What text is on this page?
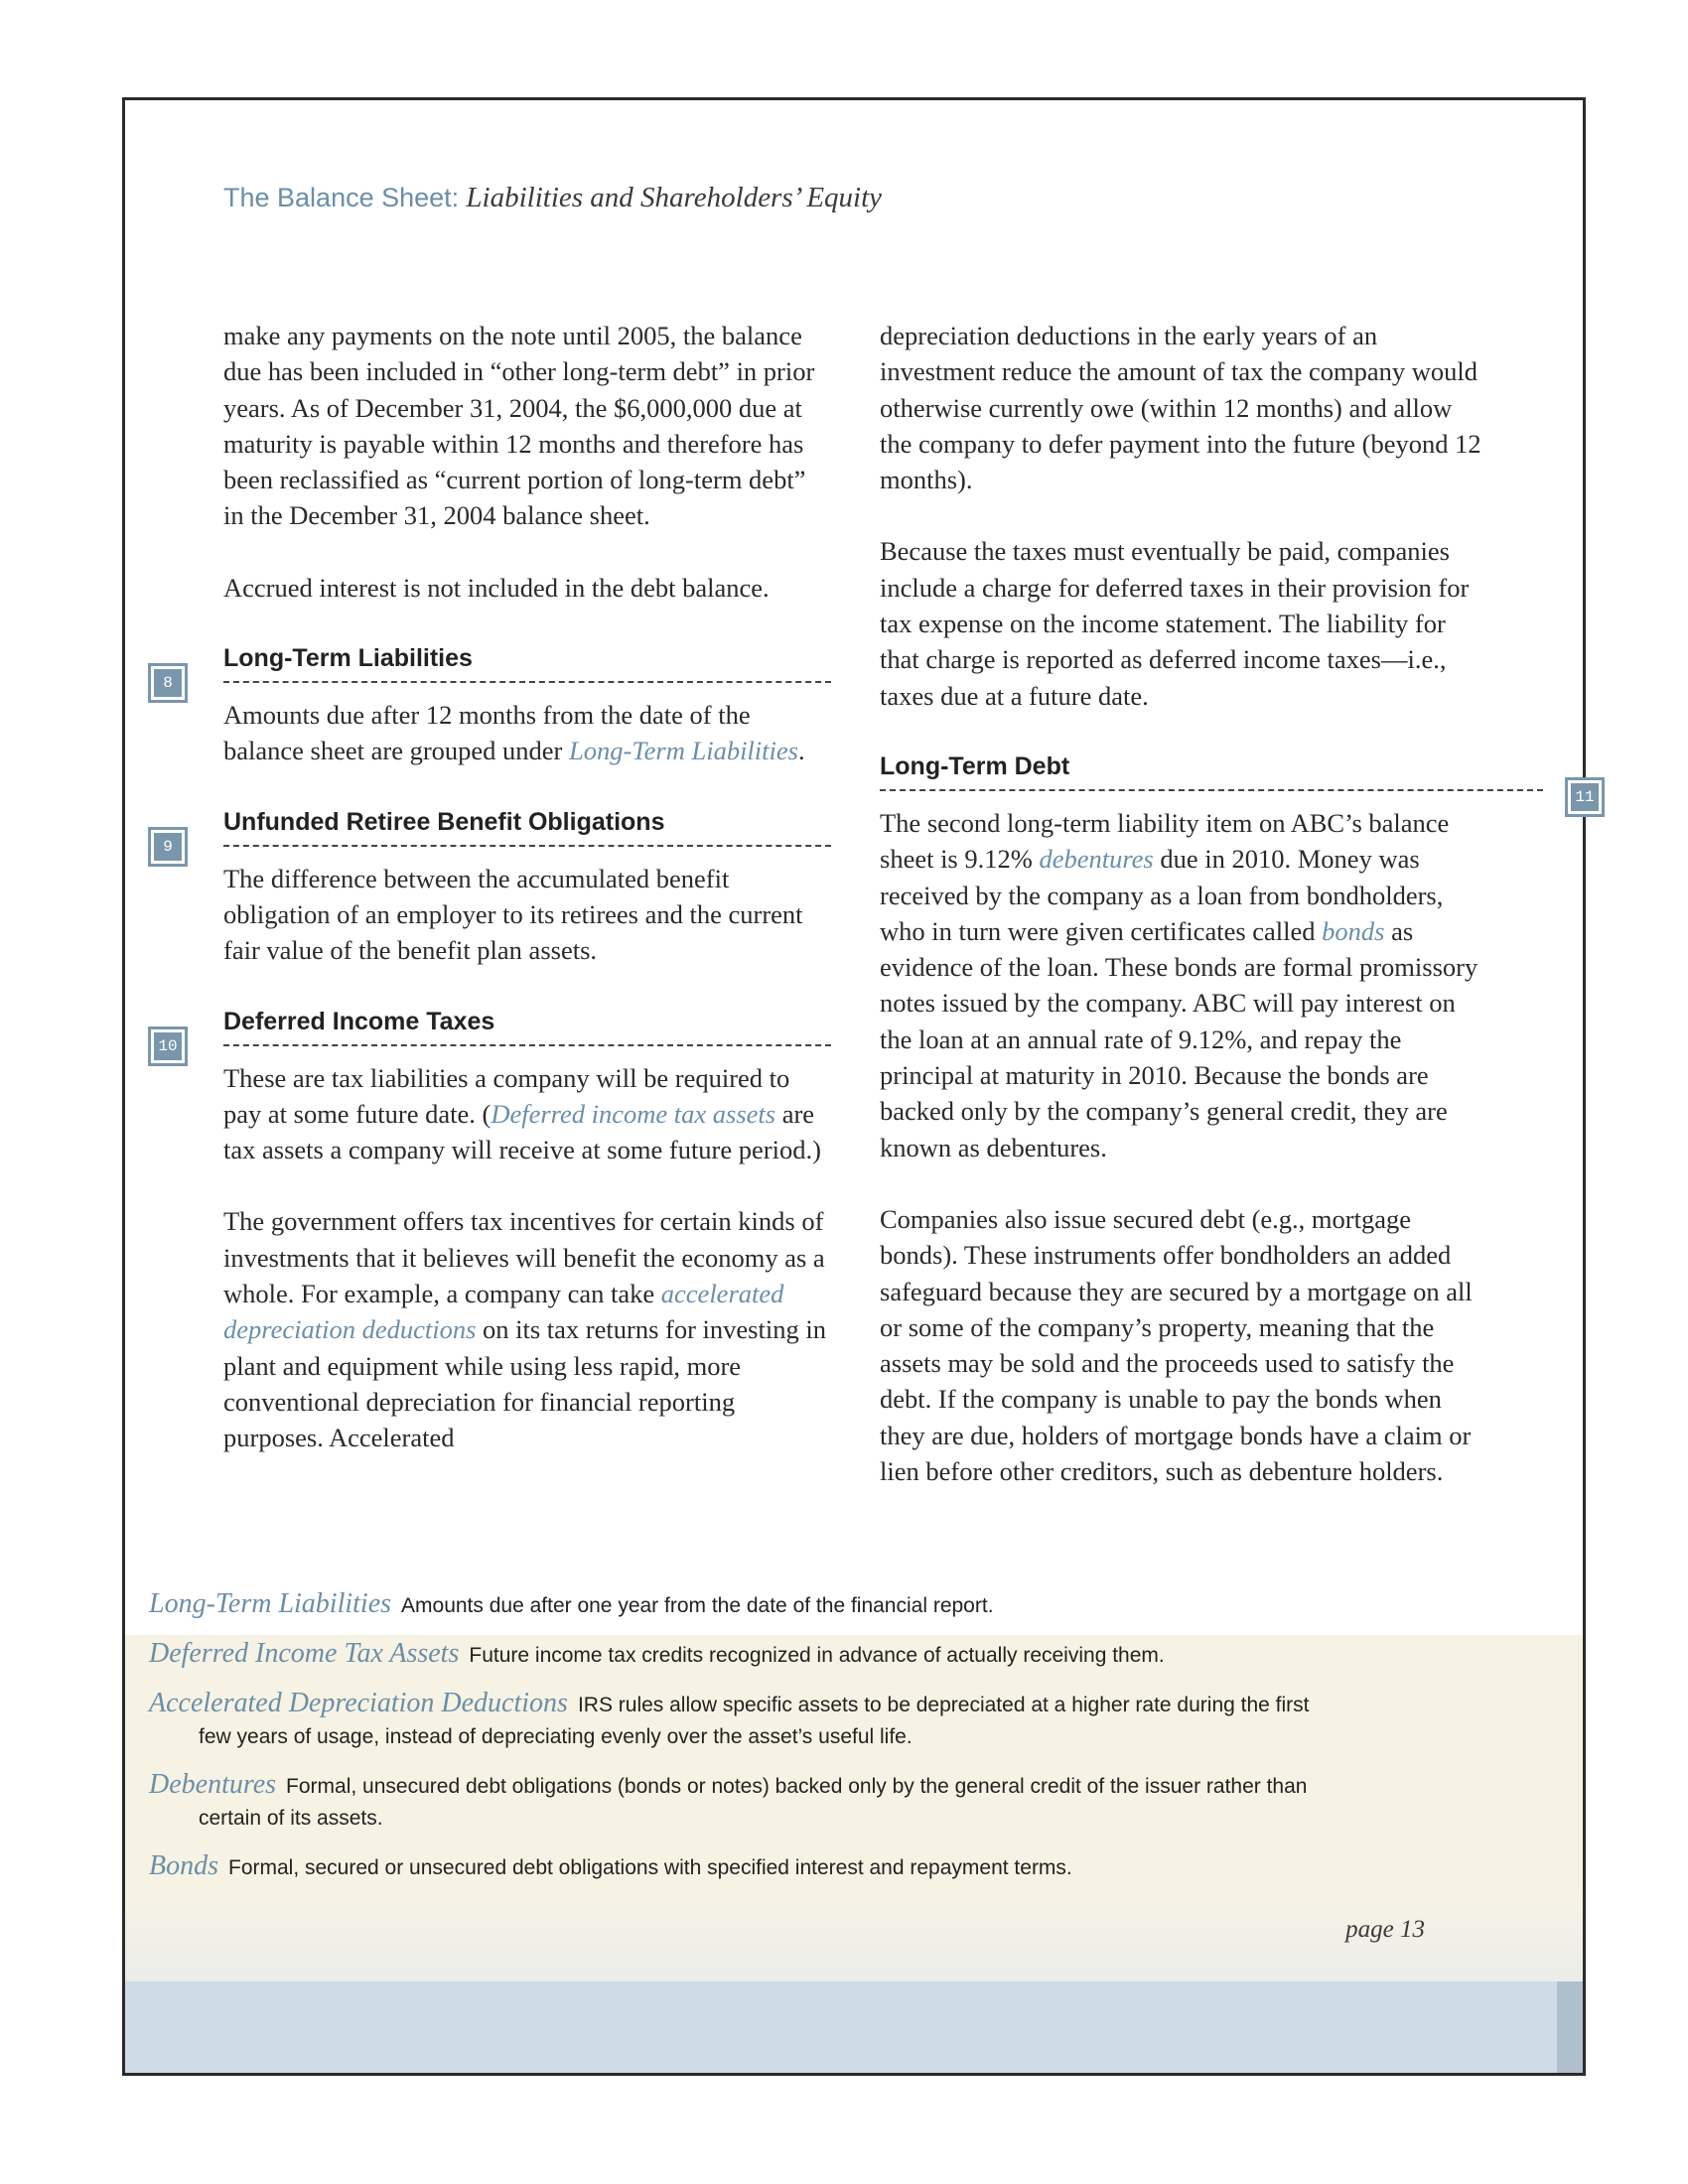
The Balance Sheet: Liabilities and Shareholders’ Equity

make any payments on the note until 2005, the balance due has been included in “other long-term debt” in prior years. As of December 31, 2004, the $6,000,000 due at maturity is payable within 12 months and therefore has been reclassified as “current portion of long-term debt” in the December 31, 2004 balance sheet.

Accrued interest is not included in the debt balance.

8
Long-Term Liabilities

Amounts due after 12 months from the date of the balance sheet are grouped under Long-Term Liabilities.

9
Unfunded Retiree Benefit Obligations

The difference between the accumulated benefit obligation of an employer to its retirees and the current fair value of the benefit plan assets.

10
Deferred Income Taxes

These are tax liabilities a company will be required to pay at some future date. (Deferred income tax assets are tax assets a company will receive at some future period.)

The government offers tax incentives for certain kinds of investments that it believes will benefit the economy as a whole. For example, a company can take accelerated depreciation deductions on its tax returns for investing in plant and equipment while using less rapid, more conventional depreciation for financial reporting purposes. Accelerated

depreciation deductions in the early years of an investment reduce the amount of tax the company would otherwise currently owe (within 12 months) and allow the company to defer payment into the future (beyond 12 months).

Because the taxes must eventually be paid, companies include a charge for deferred taxes in their provision for tax expense on the income statement. The liability for that charge is reported as deferred income taxes—i.e., taxes due at a future date.

11
Long-Term Debt

The second long-term liability item on ABC’s balance sheet is 9.12% debentures due in 2010. Money was received by the company as a loan from bondholders, who in turn were given certificates called bonds as evidence of the loan. These bonds are formal promissory notes issued by the company. ABC will pay interest on the loan at an annual rate of 9.12%, and repay the principal at maturity in 2010. Because the bonds are backed only by the company’s general credit, they are known as debentures.

Companies also issue secured debt (e.g., mortgage bonds). These instruments offer bondholders an added safeguard because they are secured by a mortgage on all or some of the company’s property, meaning that the assets may be sold and the proceeds used to satisfy the debt. If the company is unable to pay the bonds when they are due, holders of mortgage bonds have a claim or lien before other creditors, such as debenture holders.

Long-Term Liabilities Amounts due after one year from the date of the financial report.
Deferred Income Tax Assets Future income tax credits recognized in advance of actually receiving them.
Accelerated Depreciation Deductions IRS rules allow specific assets to be depreciated at a higher rate during the first few years of usage, instead of depreciating evenly over the asset’s useful life.
Debentures Formal, unsecured debt obligations (bonds or notes) backed only by the general credit of the issuer rather than certain of its assets.
Bonds Formal, secured or unsecured debt obligations with specified interest and repayment terms.
page 13
